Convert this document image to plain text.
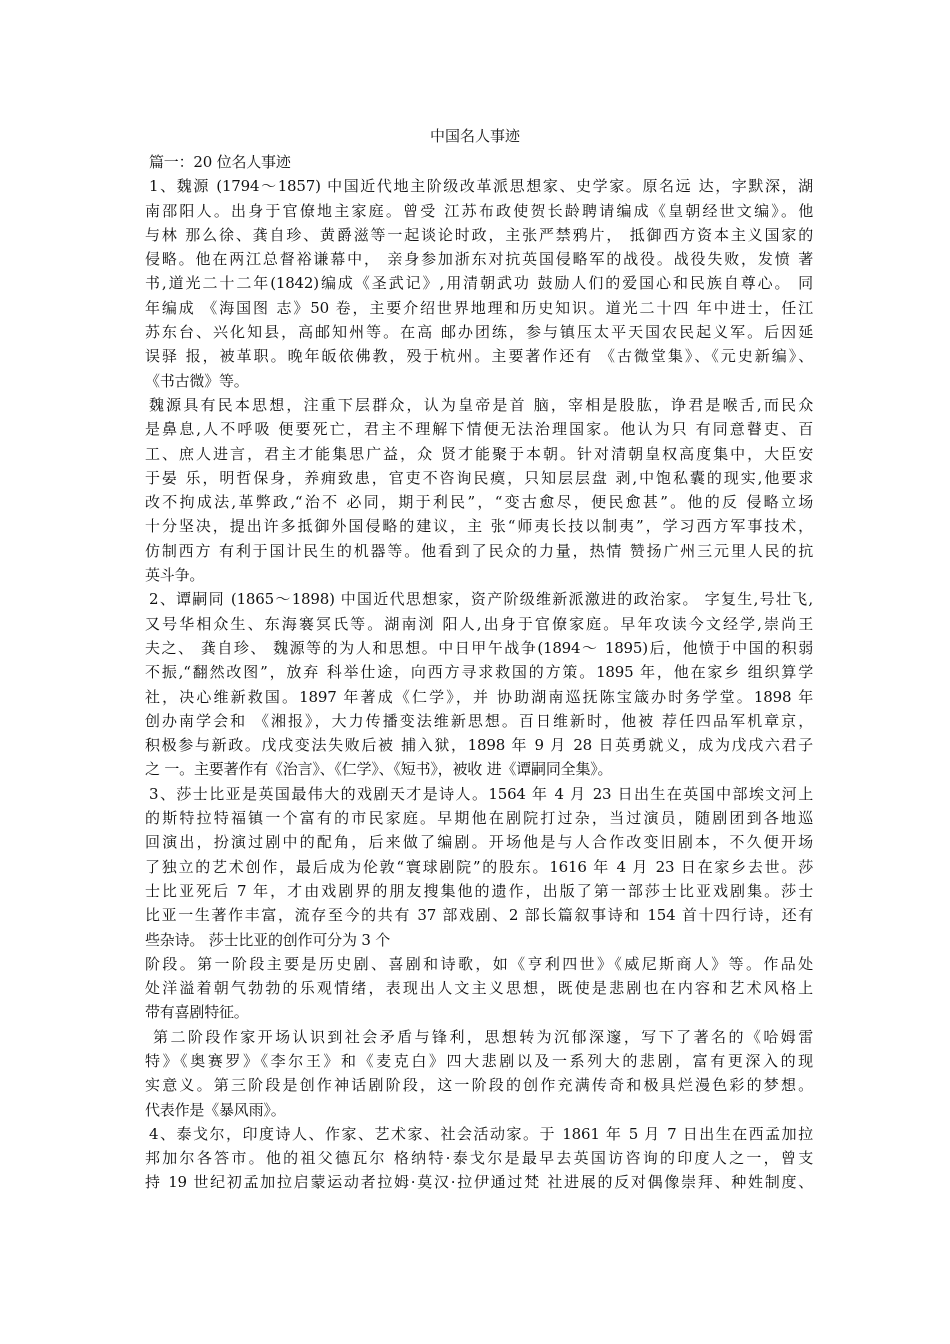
中国名人事迹
篇一：20 位名人事迹
1、魏源 (1794～1857) 中国近代地主阶级改革派思想家、史学家。原名远 达，字默深，湖
南邵阳人。出身于官僚地主家庭。曾受 江苏布政使贺长龄聘请编成《皇朝经世文编》。他
与林 那么徐、龚自珍、黄爵滋等一起谈论时政，主张严禁鸦片， 抵御西方资本主义国家的
侵略。他在两江总督裕谦幕中， 亲身参加浙东对抗英国侵略军的战役。战役失败，发愤 著
书,道光二十二年(1842)编成《圣武记》,用清朝武功 鼓励人们的爱国心和民族自尊心。 同
年编成 《海国图 志》50 卷，主要介绍世界地理和历史知识。道光二十四 年中进士，任江
苏东台、兴化知县，高邮知州等。在高 邮办团练，参与镇压太平天国农民起义军。后因延
误驿 报，被革职。晚年皈依佛教，殁于杭州。主要著作还有 《古微堂集》、《元史新编》、
《书古微》等。
魏源具有民本思想，注重下层群众，认为皇帝是首 脑，宰相是股肱，诤君是喉舌,而民众
是鼻息,人不呼吸 便要死亡，君主不理解下情便无法治理国家。他认为只 有同意瞽吏、百
工、庶人进言，君主才能集思广益，众 贤才能聚于本朝。针对清朝皇权高度集中，大臣安
于晏 乐，明哲保身，养痈致患，官吏不咨询民瘼，只知层层盘 剥,中饱私囊的现实,他要求
改不拘成法,革弊政,“治不 必同，期于利民”，“变古愈尽，便民愈甚”。他的反 侵略立场
十分坚决，提出许多抵御外国侵略的建议，主 张“师夷长技以制夷”，学习西方军事技术，
仿制西方 有利于国计民生的机器等。他看到了民众的力量，热情 赞扬广州三元里人民的抗
英斗争。
2、谭嗣同 (1865～1898) 中国近代思想家，资产阶级维新派激进的政治家。 字复生,号壮飞,
又号华相众生、东海褰冥氏等。湖南浏 阳人,出身于官僚家庭。早年攻读今文经学,崇尚王
夫之、 龚自珍、 魏源等的为人和思想。中日甲午战争(1894～ 1895)后，他愤于中国的积弱
不振,“翻然改图”，放弃 科举仕途，向西方寻求救国的方策。1895 年，他在家乡 组织算学
社，决心维新救国。1897 年著成《仁学》，并 协助湖南巡抚陈宝箴办时务学堂。1898 年
创办南学会和 《湘报》，大力传播变法维新思想。百日维新时，他被 荐任四品军机章京，
积极参与新政。戊戌变法失败后被 捕入狱，1898 年 9 月 28 日英勇就义，成为戊戌六君子
之 一。主要著作有《治言》、《仁学》、《短书》，被收 进《谭嗣同全集》。
3、莎士比亚是英国最伟大的戏剧天才是诗人。1564 年 4 月 23 日出生在英国中部埃文河上
的斯特拉特福镇一个富有的市民家庭。早期他在剧院打过杂，当过演员，随剧团到各地巡
回演出，扮演过剧中的配角，后来做了编剧。开场他是与人合作改变旧剧本，不久便开场
了独立的艺术创作，最后成为伦敦“寰球剧院”的股东。1616 年 4 月 23 日在家乡去世。莎
士比亚死后 7 年，才由戏剧界的朋友搜集他的遗作，出版了第一部莎士比亚戏剧集。莎士
比亚一生著作丰富，流存至今的共有 37 部戏剧、2 部长篇叙事诗和 154 首十四行诗，还有
些杂诗。 莎士比亚的创作可分为 3 个
阶段。第一阶段主要是历史剧、喜剧和诗歌，如《亨利四世》《威尼斯商人》等。作品处
处洋溢着朝气勃勃的乐观情绪，表现出人文主义思想，既使是悲剧也在内容和艺术风格上
带有喜剧特征。
第二阶段作家开场认识到社会矛盾与锋利，思想转为沉郁深邃，写下了著名的《哈姆雷
特》《奥赛罗》《李尔王》和《麦克白》四大悲剧以及一系列大的悲剧，富有更深入的现
实意义。第三阶段是创作神话剧阶段，这一阶段的创作充满传奇和极具烂漫色彩的梦想。
代表作是《暴风雨》。
4、泰戈尔，印度诗人、作家、艺术家、社会活动家。于 1861 年 5 月 7 日出生在西孟加拉
邦加尔各答市。他的祖父德瓦尔 格纳特·泰戈尔是最早去英国访咨询的印度人之一，曾支
持 19 世纪初孟加拉启蒙运动者拉姆·莫汉·拉伊通过梵 社进展的反对偶像崇拜、种姓制度、
